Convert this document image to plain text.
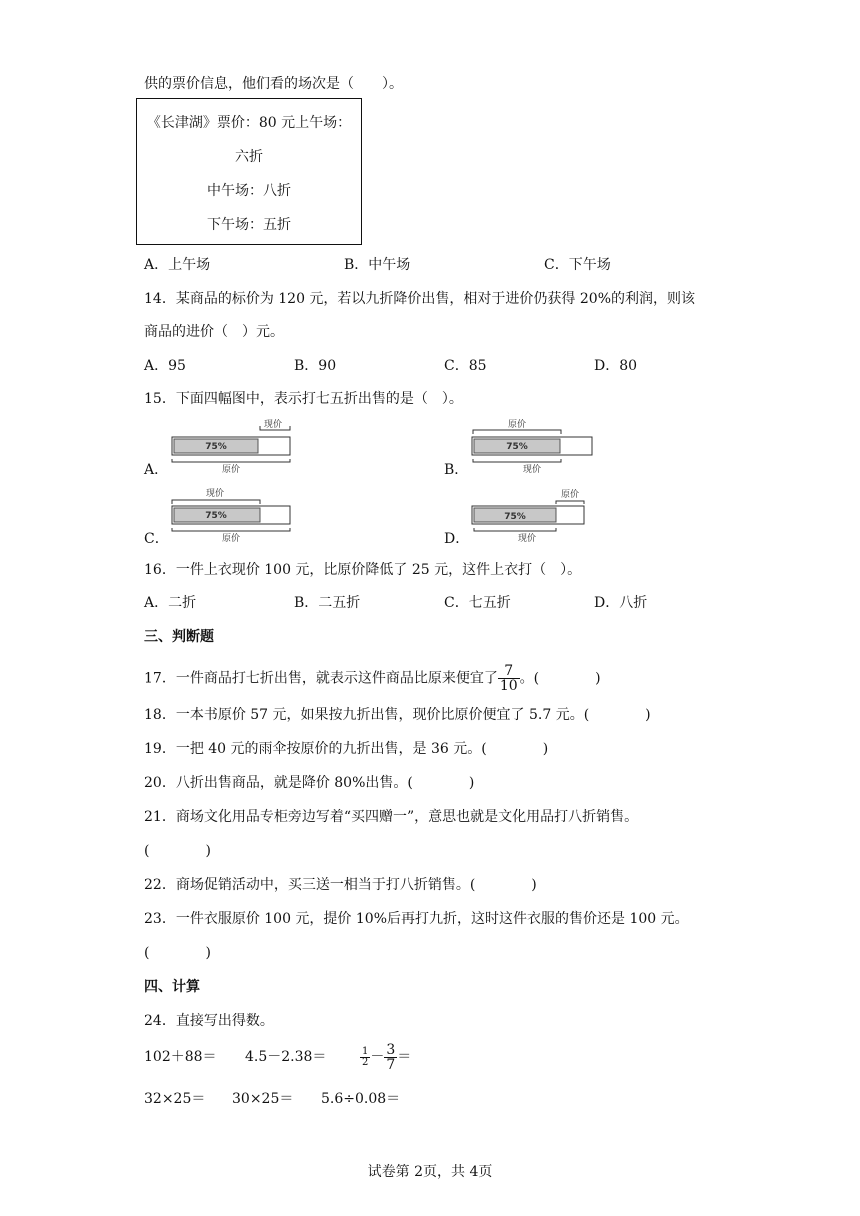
供的票价信息，他们看的场次是（　　）。
《长津湖》票价：80 元上午场：
六折
中午场：八折
下午场：五折
A．上午场	B．中午场	C．下午场
14．某商品的标价为 120 元，若以九折降价出售，相对于进价仍获得 20%的利润，则该
商品的进价（　）元。
A．95	B．90	C．85	D．80
15．下面四幅图中，表示打七五折出售的是（　）。
A．
现价
75%
原价	B．
原价
75%
现价
C．
现价
75%
原价	D．
原价
75%
现价
16．一件上衣现价 100 元，比原价降低了 25 元，这件上衣打（　）。
A．二折	B．二五折	C．七五折	D．八折
三、判断题
17．一件商品打七折出售，就表示这件商品比原来便宜了 $\frac{7}{10}$ 。(　　　　)
18．一本书原价 57 元，如果按九折出售，现价比原价便宜了 5.7 元。(　　　　)
19．一把 40 元的雨伞按原价的九折出售，是 36 元。(　　　　)
20．八折出售商品，就是降价 80%出售。(　　　　)
21．商场文化用品专柜旁边写着“买四赠一”，意思也就是文化用品打八折销售。
(　　　　)
22．商场促销活动中，买三送一相当于打八折销售。(　　　　)
23．一件衣服原价 100 元，提价 10%后再打九折，这时这件衣服的售价还是 100 元。
(　　　　)
四、计算
24．直接写出得数。
102＋88＝ 4.5－2.38＝	$\frac{1}{2} - \frac{3}{7}$ ＝
32×25＝ 30×25＝ 5.6÷0.08＝
试卷第 2页，共 4页
